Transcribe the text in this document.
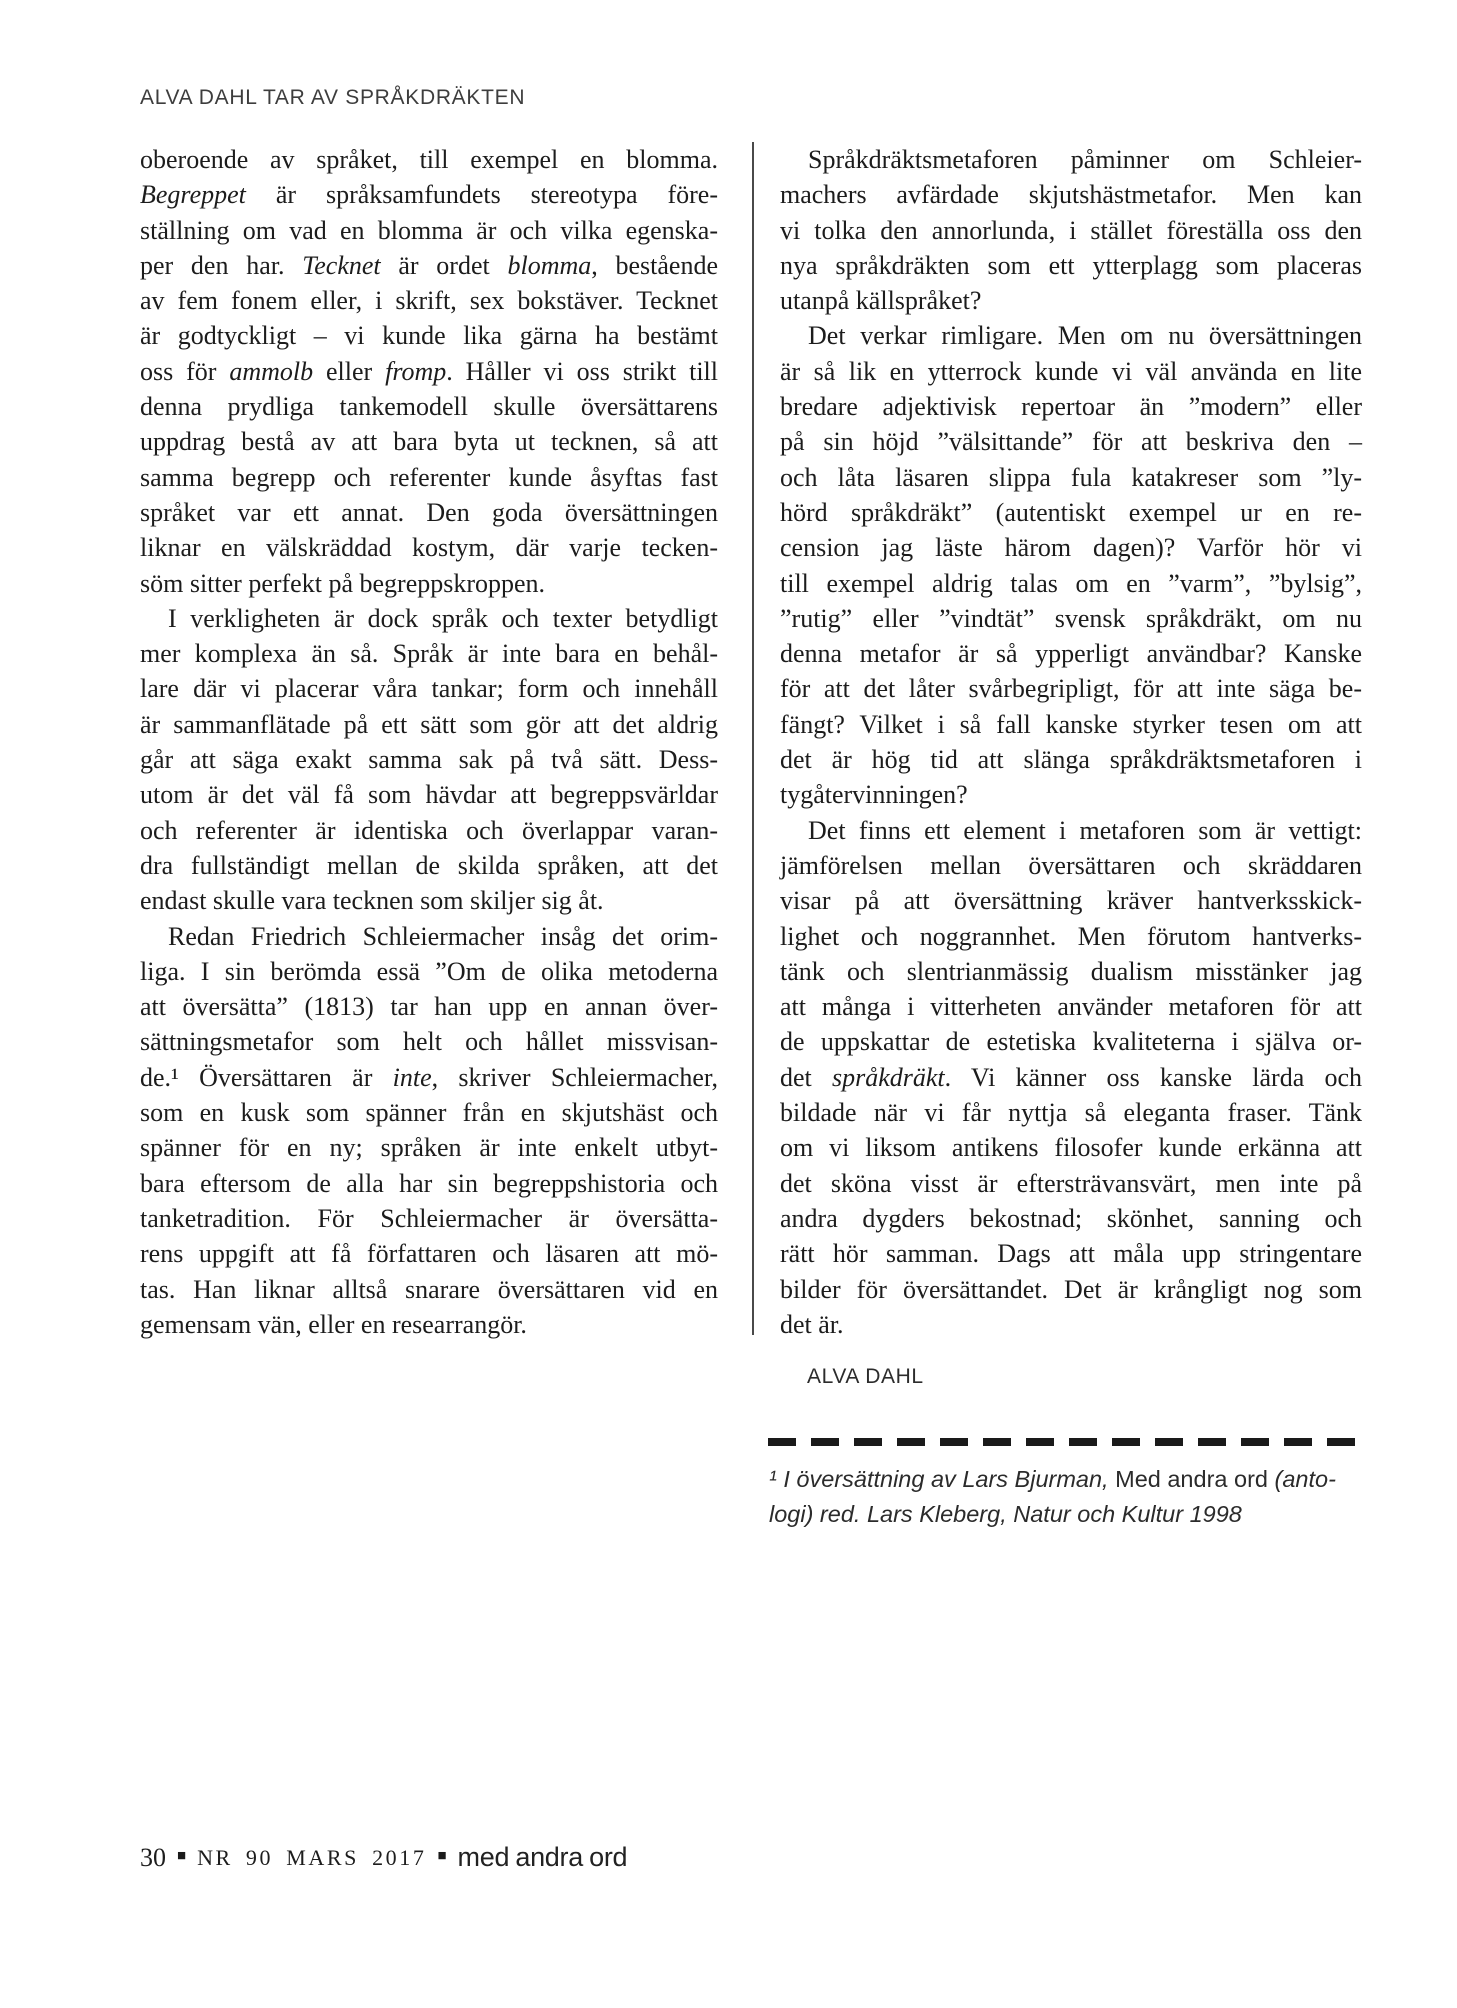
ALVA DAHL TAR AV SPRÅKDRÄKTEN
oberoende av språket, till exempel en blomma.
Begreppet är språksamfundets stereotypa före-
ställning om vad en blomma är och vilka egenska-
per den har. Tecknet är ordet blomma, bestående
av fem fonem eller, i skrift, sex bokstäver. Tecknet
är godtyckligt – vi kunde lika gärna ha bestämt
oss för ammolb eller fromp. Håller vi oss strikt till
denna prydliga tankemodell skulle översättarens
uppdrag bestå av att bara byta ut tecknen, så att
samma begrepp och referenter kunde åsyftas fast
språket var ett annat. Den goda översättningen
liknar en välskräddad kostym, där varje tecken-
söm sitter perfekt på begreppskroppen.
I verkligheten är dock språk och texter betydligt
mer komplexa än så. Språk är inte bara en behål-
lare där vi placerar våra tankar; form och innehåll
är sammanflätade på ett sätt som gör att det aldrig
går att säga exakt samma sak på två sätt. Dess-
utom är det väl få som hävdar att begreppsvärldar
och referenter är identiska och överlappar varan-
dra fullständigt mellan de skilda språken, att det
endast skulle vara tecknen som skiljer sig åt.
Redan Friedrich Schleiermacher insåg det orim-
liga. I sin berömda essä ”Om de olika metoderna
att översätta” (1813) tar han upp en annan över-
sättningsmetafor som helt och hållet missvisan-
de.¹ Översättaren är inte, skriver Schleiermacher,
som en kusk som spänner från en skjutshäst och
spänner för en ny; språken är inte enkelt utbyt-
bara eftersom de alla har sin begreppshistoria och
tanketradition. För Schleiermacher är översätta-
rens uppgift att få författaren och läsaren att mö-
tas. Han liknar alltså snarare översättaren vid en
gemensam vän, eller en researrangör.
Språkdräktsmetaforen påminner om Schleier-
machers avfärdade skjutshästmetafor. Men kan
vi tolka den annorlunda, i stället föreställa oss den
nya språkdräkten som ett ytterplagg som placeras
utanpå källspråket?
Det verkar rimligare. Men om nu översättningen
är så lik en ytterrock kunde vi väl använda en lite
bredare adjektivisk repertoar än ”modern” eller
på sin höjd ”välsittande” för att beskriva den –
och låta läsaren slippa fula katakreser som ”ly-
hörd språkdräkt” (autentiskt exempel ur en re-
cension jag läste härom dagen)? Varför hör vi
till exempel aldrig talas om en ”varm”, ”bylsig”,
”rutig” eller ”vindtät” svensk språkdräkt, om nu
denna metafor är så ypperligt användbar? Kanske
för att det låter svårbegripligt, för att inte säga be-
fängt? Vilket i så fall kanske styrker tesen om att
det är hög tid att slänga språkdräktsmetaforen i
tygåtervinningen?
Det finns ett element i metaforen som är vettigt:
jämförelsen mellan översättaren och skräddaren
visar på att översättning kräver hantverksskick-
lighet och noggrannhet. Men förutom hantverks-
tänk och slentrianmässig dualism misstänker jag
att många i vitterheten använder metaforen för att
de uppskattar de estetiska kvaliteterna i själva or-
det språkdräkt. Vi känner oss kanske lärda och
bildade när vi får nyttja så eleganta fraser. Tänk
om vi liksom antikens filosofer kunde erkänna att
det sköna visst är eftersträvansvärt, men inte på
andra dygders bekostnad; skönhet, sanning och
rätt hör samman. Dags att måla upp stringentare
bilder för översättandet. Det är krångligt nog som
det är.
ALVA DAHL
¹ I översättning av Lars Bjurman, Med andra ord (anto-
logi) red. Lars Kleberg, Natur och Kultur 1998
30 ■ NR 90 MARS 2017 ■ med andra ord
